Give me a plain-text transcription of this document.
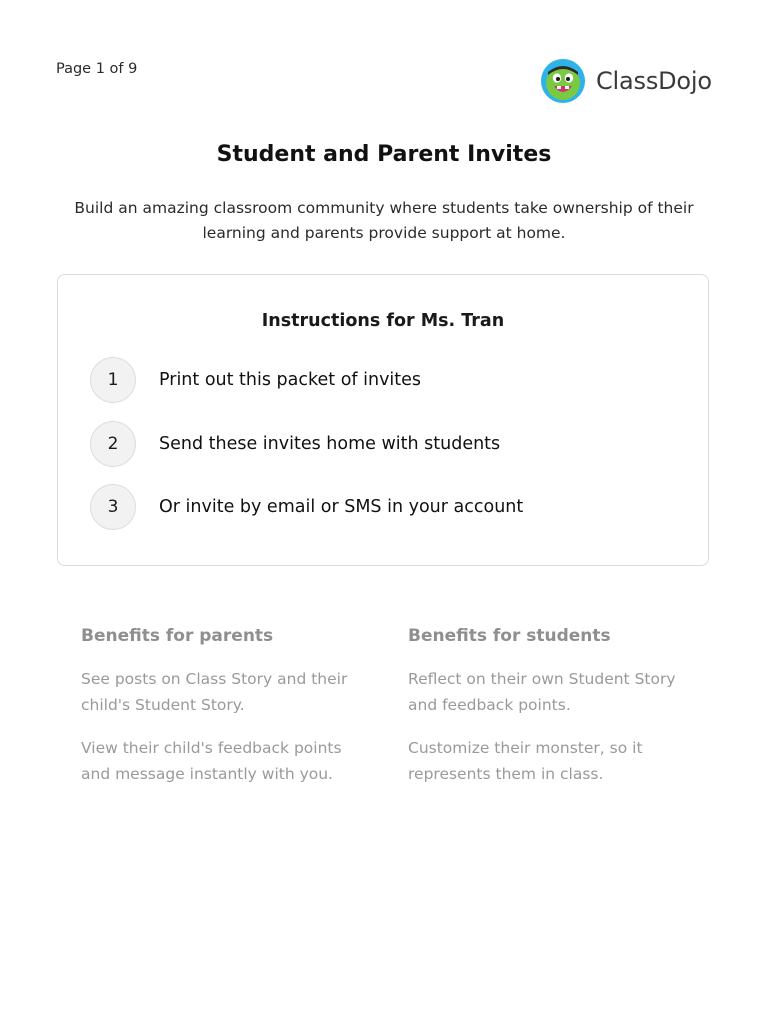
Page 1 of 9	ClassDojo
Student and Parent Invites
Build an amazing classroom community where students take ownership of their learning and parents provide support at home.
Instructions for Ms. Tran
1	Print out this packet of invites
2	Send these invites home with students
3	Or invite by email or SMS in your account

Benefits for parents

See posts on Class Story and their child's Student Story.

View their child's feedback points and message instantly with you.

Benefits for students

Reflect on their own Student Story and feedback points.

Customize their monster, so it represents them in class.
